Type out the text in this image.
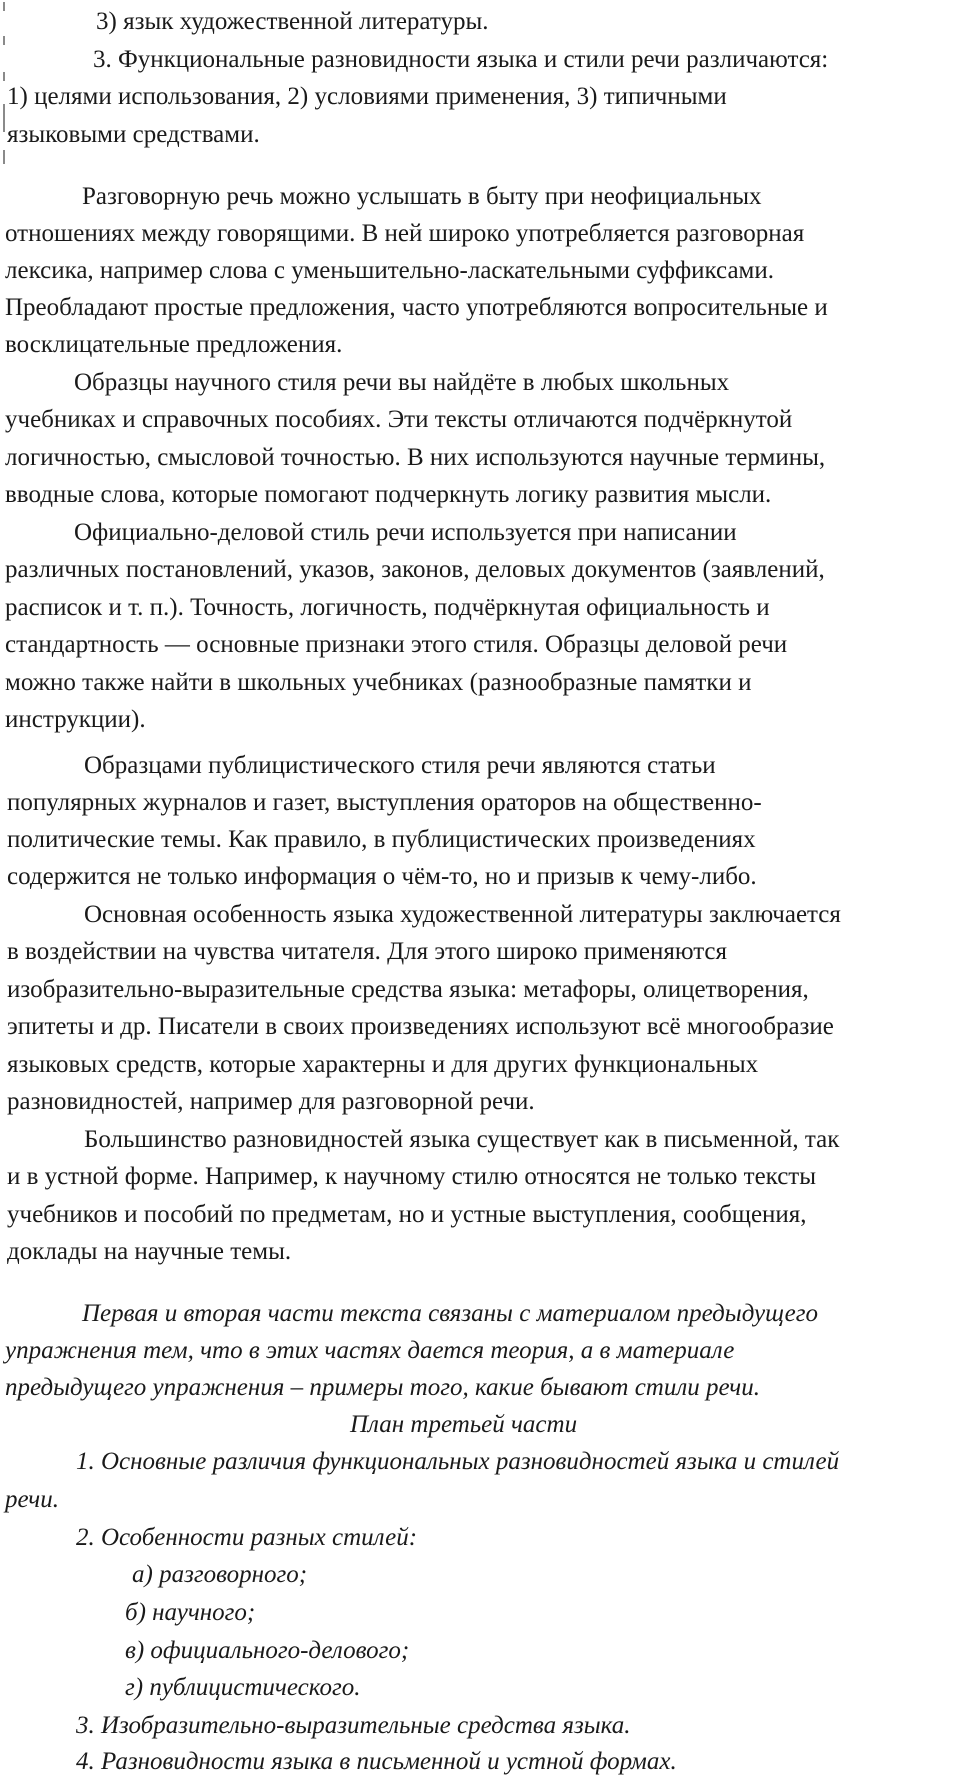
3) язык художественной литературы.

3. Функциональные разновидности языка и стили речи различаются:

1) целями использования, 2) условиями применения, 3) типичными

языковыми средствами.

Разговорную речь можно услышать в быту при неофициальных

отношениях между говорящими. В ней широко употребляется разговорная

лексика, например слова с уменьшительно-ласкательными суффиксами.

Преобладают простые предложения, часто употребляются вопросительные и

восклицательные предложения.

Образцы научного стиля речи вы найдёте в любых школьных

учебниках и справочных пособиях. Эти тексты отличаются подчёркнутой

логичностью, смысловой точностью. В них используются научные термины,

вводные слова, которые помогают подчеркнуть логику развития мысли.

Официально-деловой стиль речи используется при написании

различных постановлений, указов, законов, деловых документов (заявлений,

расписок и т. п.). Точность, логичность, подчёркнутая официальность и

стандартность — основные признаки этого стиля. Образцы деловой речи

можно также найти в школьных учебниках (разнообразные памятки и

инструкции).

Образцами публицистического стиля речи являются статьи

популярных журналов и газет, выступления ораторов на общественно-

политические темы. Как правило, в публицистических произведениях

содержится не только информация о чём-то, но и призыв к чему-либо.

Основная особенность языка художественной литературы заключается

в воздействии на чувства читателя. Для этого широко применяются

изобразительно-выразительные средства языка: метафоры, олицетворения,

эпитеты и др. Писатели в своих произведениях используют всё многообразие

языковых средств, которые характерны и для других функциональных

разновидностей, например для разговорной речи.

Большинство разновидностей языка существует как в письменной, так

и в устной форме. Например, к научному стилю относятся не только тексты

учебников и пособий по предметам, но и устные выступления, сообщения,

доклады на научные темы.

Первая и вторая части текста связаны с материалом предыдущего

упражнения тем, что в этих частях дается теория, а в материале

предыдущего упражнения – примеры того, какие бывают стили речи.

План третьей части

1. Основные различия функциональных разновидностей языка и стилей

речи.

2. Особенности разных стилей:

а) разговорного;

б) научного;

в) официального-делового;

г) публицистического.

3. Изобразительно-выразительные средства языка.

4. Разновидности языка в письменной и устной формах.
